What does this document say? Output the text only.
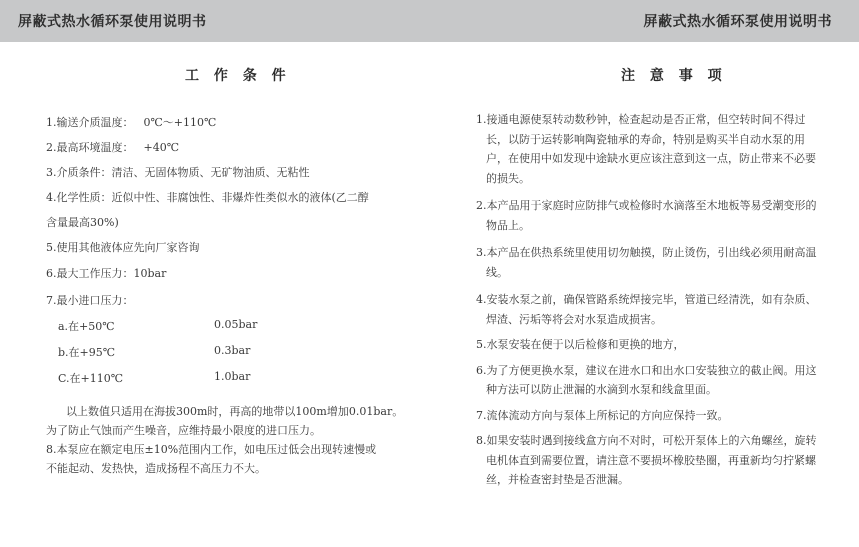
屏蔽式热水循环泵使用说明书	屏蔽式热水循环泵使用说明书
工 作 条 件
1.输送介质温度： 0℃～+110℃
2.最高环境温度： +40℃
3.介质条件：清洁、无固体物质、无矿物油质、无粘性
4.化学性质：近似中性、非腐蚀性、非爆炸性类似水的液体(乙二醇
含量最高30%)
5.使用其他液体应先向厂家咨询
6.最大工作压力：10bar
7.最小进口压力：
a.在+50℃	0.05bar
b.在+95℃	0.3bar
C.在+110℃	1.0bar
以上数值只适用在海拔300m时，再高的地带以100m增加0.01bar。
为了防止气蚀而产生噪音，应维持最小限度的进口压力。
8.本泵应在额定电压±10%范围内工作，如电压过低会出现转速慢或
不能起动、发热快，造成扬程不高压力不大。
注 意 事 项
1.接通电源使泵转动数秒钟，检查起动是否正常，但空转时间不得过
长，以防于运转影响陶瓷轴承的寿命，特别是购买半自动水泵的用
户，在使用中如发现中途缺水更应该注意到这一点，防止带来不必要
的损失。
2.本产品用于家庭时应防排气或检修时水滴落至木地板等易受潮变形的
物品上。
3.本产品在供热系统里使用切勿触摸，防止烫伤，引出线必须用耐高温
线。
4.安装水泵之前，确保管路系统焊接完毕，管道已经清洗，如有杂质、
焊渣、污垢等将会对水泵造成损害。
5.水泵安装在便于以后检修和更换的地方，
6.为了方便更换水泵，建议在进水口和出水口安装独立的截止阀。用这
种方法可以防止泄漏的水滴到水泵和线盒里面。
7.流体流动方向与泵体上所标记的方向应保持一致。
8.如果安装时遇到接线盒方向不对时，可松开泵体上的六角螺丝，旋转
电机体直到需要位置，请注意不要损坏橡胶垫圈，再重新均匀拧紧螺
丝，并检查密封垫是否泄漏。
